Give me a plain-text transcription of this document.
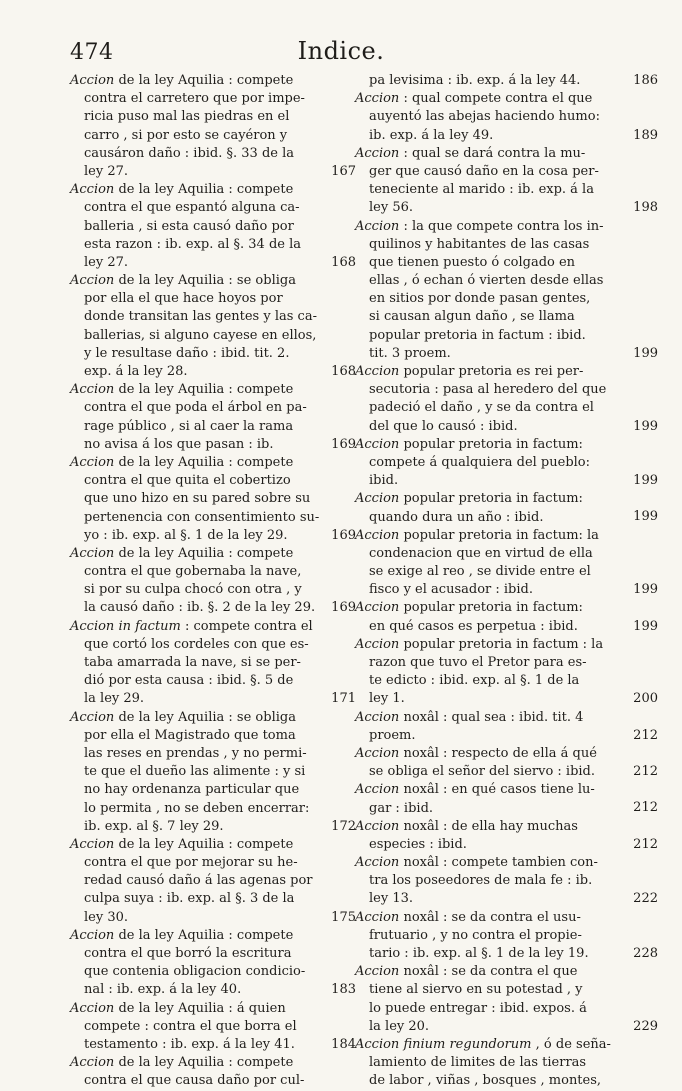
474	Indice.
Accion de la ley Aquilia : compete
contra el carretero que por impe-
ricia puso mal las piedras en el
carro , si por esto se cayéron y
causáron daño : ibid. §. 33 de la
ley 27.	167
Accion de la ley Aquilia : compete
contra el que espantó alguna ca-
balleria , si esta causó daño por
esta razon : ib. exp. al §. 34 de la
ley 27.	168
Accion de la ley Aquilia : se obliga
por ella el que hace hoyos por
donde transitan las gentes y las ca-
ballerias, si alguno cayese en ellos,
y le resultase daño : ibid. tit. 2.
exp. á la ley 28.	168
Accion de la ley Aquilia : compete
contra el que poda el árbol en pa-
rage público , si al caer la rama
no avisa á los que pasan : ib.	169
Accion de la ley Aquilia : compete
contra el que quita el cobertizo
que uno hizo en su pared sobre su
pertenencia con consentimiento su-
yo : ib. exp. al §. 1 de la ley 29.	169
Accion de la ley Aquilia : compete
contra el que gobernaba la nave,
si por su culpa chocó con otra , y
la causó daño : ib. §. 2 de la ley 29.	169
Accion in factum : compete contra el
que cortó los cordeles con que es-
taba amarrada la nave, si se per-
dió por esta causa : ibid. §. 5 de
la ley 29.	171
Accion de la ley Aquilia : se obliga
por ella el Magistrado que toma
las reses en prendas , y no permi-
te que el dueño las alimente : y si
no hay ordenanza particular que
lo permita , no se deben encerrar:
ib. exp. al §. 7 ley 29.	172
Accion de la ley Aquilia : compete
contra el que por mejorar su he-
redad causó daño á las agenas por
culpa suya : ib. exp. al §. 3 de la
ley 30.	175
Accion de la ley Aquilia : compete
contra el que borró la escritura
que contenia obligacion condicio-
nal : ib. exp. á la ley 40.	183
Accion de la ley Aquilia : á quien
compete : contra el que borra el
testamento : ib. exp. á la ley 41.	184
Accion de la ley Aquilia : compete
contra el que causa daño por cul-
pa levisima : ib. exp. á la ley 44.	186
Accion : qual compete contra el que
auyentó las abejas haciendo humo:
ib. exp. á la ley 49.	189
Accion : qual se dará contra la mu-
ger que causó daño en la cosa per-
teneciente al marido : ib. exp. á la
ley 56.	198
Accion : la que compete contra los in-
quilinos y habitantes de las casas
que tienen puesto ó colgado en
ellas , ó echan ó vierten desde ellas
en sitios por donde pasan gentes,
si causan algun daño , se llama
popular pretoria in factum : ibid.
tit. 3 proem.	199
Accion popular pretoria es rei per-
secutoria : pasa al heredero del que
padeció el daño , y se da contra el
del que lo causó : ibid.	199
Accion popular pretoria in factum:
compete á qualquiera del pueblo:
ibid.	199
Accion popular pretoria in factum:
quando dura un año : ibid.	199
Accion popular pretoria in factum: la
condenacion que en virtud de ella
se exige al reo , se divide entre el
fisco y el acusador : ibid.	199
Accion popular pretoria in factum:
en qué casos es perpetua : ibid.	199
Accion popular pretoria in factum : la
razon que tuvo el Pretor para es-
te edicto : ibid. exp. al §. 1 de la
ley 1.	200
Accion noxâl : qual sea : ibid. tit. 4
proem.	212
Accion noxâl : respecto de ella á qué
se obliga el señor del siervo : ibid.	212
Accion noxâl : en qué casos tiene lu-
gar : ibid.	212
Accion noxâl : de ella hay muchas
especies : ibid.	212
Accion noxâl : compete tambien con-
tra los poseedores de mala fe : ib.
ley 13.	222
Accion noxâl : se da contra el usu-
frutuario , y no contra el propie-
tario : ib. exp. al §. 1 de la ley 19.	228
Accion noxâl : se da contra el que
tiene al siervo en su potestad , y
lo puede entregar : ibid. expos. á
la ley 20.	229
Accion finium regundorum , ó de seña-
lamiento de limites de las tierras
de labor , viñas , bosques , montes,
